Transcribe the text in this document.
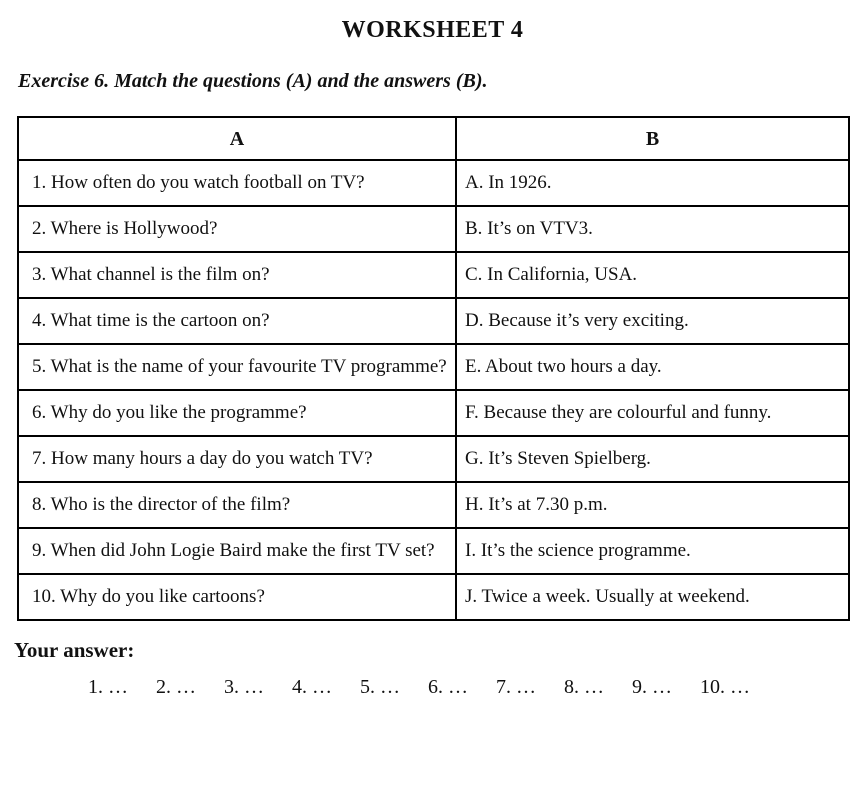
WORKSHEET 4
Exercise 6. Match the questions (A) and the answers (B).
A	B
1. How often do you watch football on TV?	A. In 1926.
2. Where is Hollywood?	B. It’s on VTV3.
3. What channel is the film on?	C. In California, USA.
4. What time is the cartoon on?	D. Because it’s very exciting.
5. What is the name of your favourite TV programme?	E. About two hours a day.
6. Why do you like the programme?	F. Because they are colourful and funny.
7. How many hours a day do you watch TV?	G. It’s Steven Spielberg.
8. Who is the director of the film?	H. It’s at 7.30 p.m.
9. When did John Logie Baird make the first TV set?	I. It’s the science programme.
10. Why do you like cartoons?	J. Twice a week. Usually at weekend.
Your answer:
1. … 2. … 3. … 4. … 5. … 6. … 7. … 8. … 9. … 10. …
